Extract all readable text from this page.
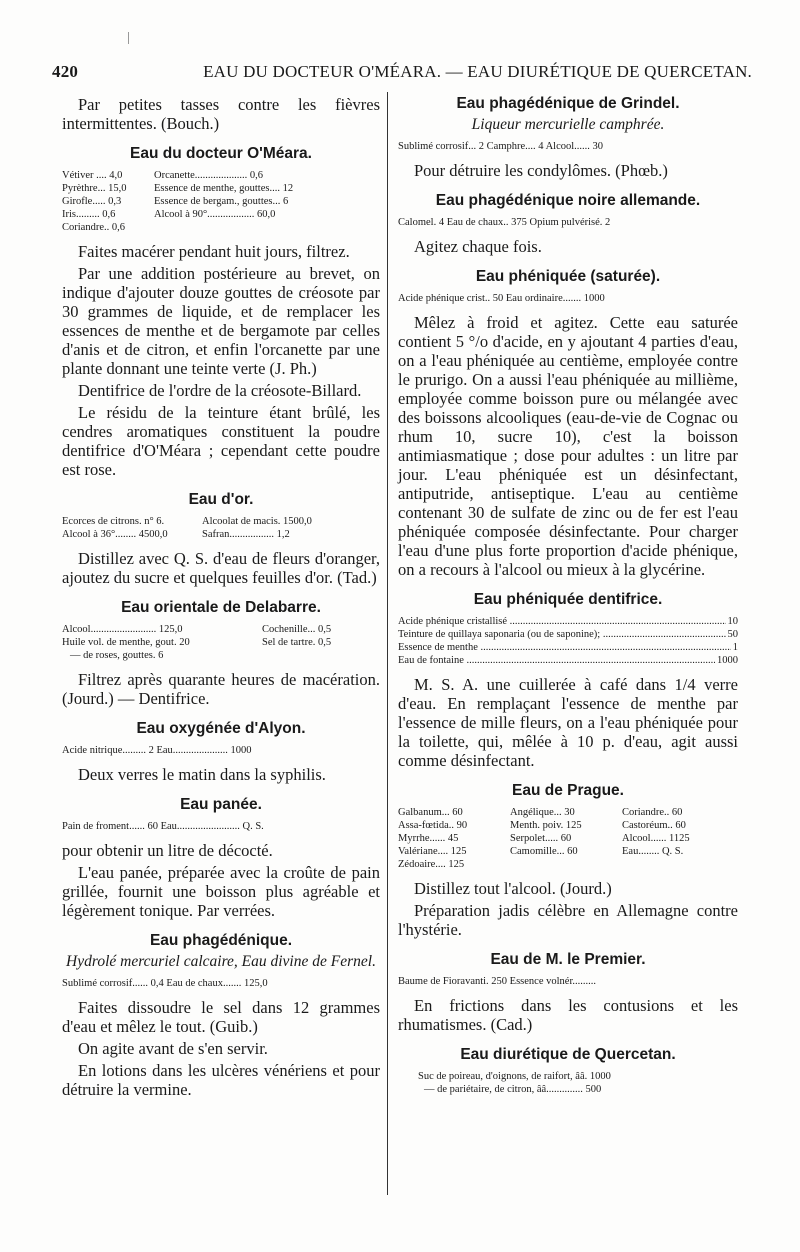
420	EAU DU DOCTEUR O'MÉARA. — EAU DIURÉTIQUE DE QUERCETAN.

Par petites tasses contre les fièvres intermittentes. (Bouch.)

Eau du docteur O'Méara.
Vétiver .... 4,0	Orcanette.................... 0,6
Pyrèthre... 15,0	Essence de menthe, gouttes.... 12
Girofle..... 0,3	Essence de bergam., gouttes... 6
Iris......... 0,6	Alcool à 90°.................. 60,0
Coriandre.. 0,6

Faites macérer pendant huit jours, filtrez.

Par une addition postérieure au brevet, on indique d'ajouter douze gouttes de créosote par 30 grammes de liquide, et de remplacer les essences de menthe et de bergamote par celles d'anis et de citron, et enfin l'orcanette par une plante donnant une teinte verte (J. Ph.)

Dentifrice de l'ordre de la créosote-Billard.

Le résidu de la teinture étant brûlé, les cendres aromatiques constituent la poudre dentifrice d'O'Méara ; cependant cette poudre est rose.

Eau d'or.
Ecorces de citrons. n° 6.	Alcoolat de macis. 1500,0
Alcool à 36°........ 4500,0	Safran................. 1,2

Distillez avec Q. S. d'eau de fleurs d'oranger, ajoutez du sucre et quelques feuilles d'or. (Tad.)

Eau orientale de Delabarre.
Alcool......................... 125,0	Cochenille... 0,5
Huile vol. de menthe, gout. 20	Sel de tartre. 0,5
— de roses, gouttes. 6

Filtrez après quarante heures de macération. (Jourd.) — Dentifrice.

Eau oxygénée d'Alyon.
Acide nitrique......... 2 Eau..................... 1000

Deux verres le matin dans la syphilis.

Eau panée.
Pain de froment...... 60 Eau........................ Q. S.

pour obtenir un litre de décocté.

L'eau panée, préparée avec la croûte de pain grillée, fournit une boisson plus agréable et légèrement tonique. Par verrées.

Eau phagédénique.
Hydrolé mercuriel calcaire, Eau divine de Fernel.
Sublimé corrosif...... 0,4 Eau de chaux....... 125,0

Faites dissoudre le sel dans 12 grammes d'eau et mêlez le tout. (Guib.)

On agite avant de s'en servir.

En lotions dans les ulcères vénériens et pour détruire la vermine.

Eau phagédénique de Grindel.
Liqueur mercurielle camphrée.
Sublimé corrosif... 2 Camphre.... 4 Alcool...... 30

Pour détruire les condylômes. (Phœb.)

Eau phagédénique noire allemande.
Calomel. 4 Eau de chaux.. 375 Opium pulvérisé. 2

Agitez chaque fois.

Eau phéniquée (saturée).
Acide phénique crist.. 50 Eau ordinaire....... 1000

Mêlez à froid et agitez. Cette eau saturée contient 5 °/o d'acide, en y ajoutant 4 parties d'eau, on a l'eau phéniquée au centième, employée contre le prurigo. On a aussi l'eau phéniquée au millième, employée comme boisson pure ou mélangée avec des boissons alcooliques (eau-de-vie de Cognac ou rhum 10, sucre 10), c'est la boisson antimiasmatique ; dose pour adultes : un litre par jour. L'eau phéniquée est un désinfectant, antiputride, antiseptique. L'eau au centième contenant 30 de sulfate de zinc ou de fer est l'eau phéniquée composée désinfectante. Pour charger l'eau d'une plus forte proportion d'acide phénique, on a recours à l'alcool ou mieux à la glycérine.

Eau phéniquée dentifrice.
Acide phénique cristallisé .....	10
Teinture de quillaya saponaria (ou de saponine); .....	50
Essence de menthe .....	1
Eau de fontaine .....	1000

M. S. A. une cuillerée à café dans 1/4 verre d'eau. En remplaçant l'essence de menthe par l'essence de mille fleurs, on a l'eau phéniquée pour la toilette, qui, mêlée à 10 p. d'eau, agit aussi comme désinfectant.

Eau de Prague.
Galbanum... 60	Angélique... 30	Coriandre.. 60
Assa-fœtida.. 90	Menth. poiv. 125	Castoréum.. 60
Myrrhe...... 45	Serpolet..... 60	Alcool...... 1125
Valériane.... 125	Camomille... 60	Eau........ Q. S.
Zédoaire.... 125

Distillez tout l'alcool. (Jourd.)

Préparation jadis célèbre en Allemagne contre l'hystérie.

Eau de M. le Premier.
Baume de Fioravanti. 250 Essence volnér.........

En frictions dans les contusions et les rhumatismes. (Cad.)

Eau diurétique de Quercetan.
Suc de poireau, d'oignons, de raifort, ââ. 1000
— de pariétaire, de citron, ââ.............. 500
